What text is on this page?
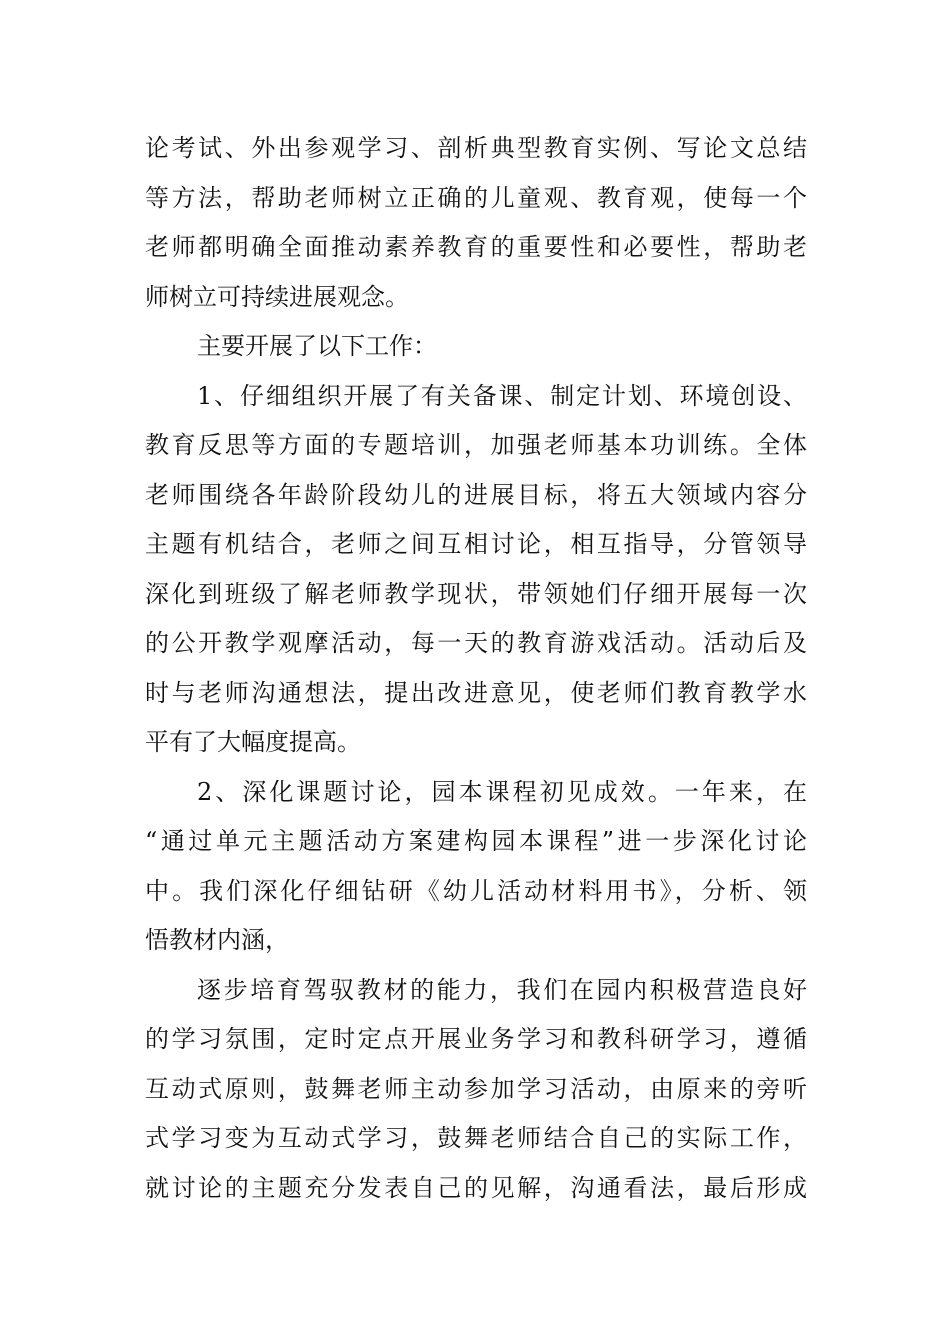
论考试、外出参观学习、剖析典型教育实例、写论文总结
等方法，帮助老师树立正确的儿童观、教育观，使每一个
老师都明确全面推动素养教育的重要性和必要性，帮助老
师树立可持续进展观念。
主要开展了以下工作：
1、仔细组织开展了有关备课、制定计划、环境创设、
教育反思等方面的专题培训，加强老师基本功训练。全体
老师围绕各年龄阶段幼儿的进展目标，将五大领域内容分
主题有机结合，老师之间互相讨论，相互指导，分管领导
深化到班级了解老师教学现状，带领她们仔细开展每一次
的公开教学观摩活动，每一天的教育游戏活动。活动后及
时与老师沟通想法，提出改进意见，使老师们教育教学水
平有了大幅度提高。
2、深化课题讨论，园本课程初见成效。一年来，在
“通过单元主题活动方案建构园本课程”进一步深化讨论
中。我们深化仔细钻研《幼儿活动材料用书》，分析、领
悟教材内涵，
逐步培育驾驭教材的能力，我们在园内积极营造良好
的学习氛围，定时定点开展业务学习和教科研学习，遵循
互动式原则，鼓舞老师主动参加学习活动，由原来的旁听
式学习变为互动式学习，鼓舞老师结合自己的实际工作，
就讨论的主题充分发表自己的见解，沟通看法，最后形成
